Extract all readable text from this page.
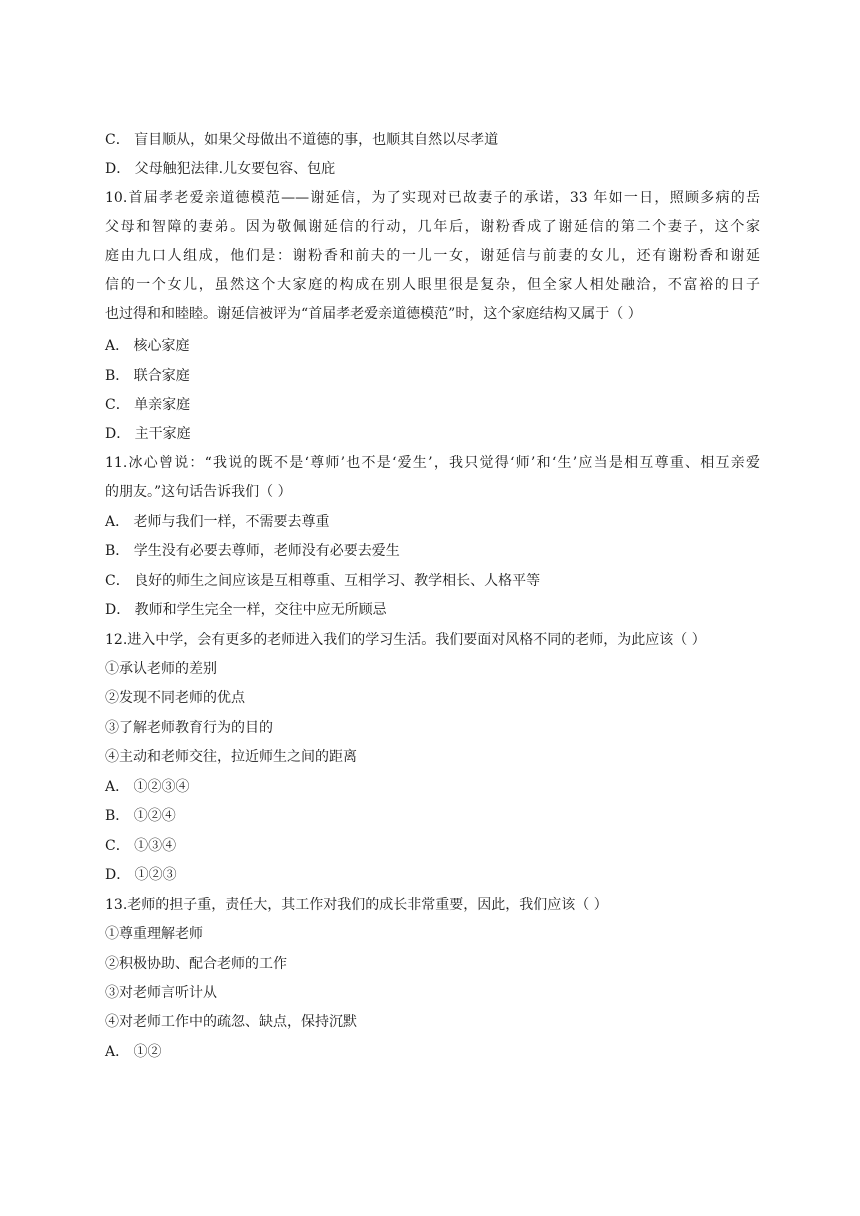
C． 盲目顺从，如果父母做出不道德的事，也顺其自然以尽孝道
D． 父母触犯法律.儿女要包容、包庇
10.首届孝老爱亲道德模范——谢延信，为了实现对已故妻子的承诺，33 年如一日，照顾多病的岳
父母和智障的妻弟。因为敬佩谢延信的行动，几年后，谢粉香成了谢延信的第二个妻子，这个家
庭由九口人组成，他们是：谢粉香和前夫的一儿一女，谢延信与前妻的女儿，还有谢粉香和谢延
信的一个女儿，虽然这个大家庭的构成在别人眼里很是复杂，但全家人相处融洽，不富裕的日子
也过得和和睦睦。谢延信被评为“首届孝老爱亲道德模范”时，这个家庭结构又属于（ ）
A． 核心家庭
B． 联合家庭
C． 单亲家庭
D． 主干家庭
11.冰心曾说：“我说的既不是‘尊师’也不是‘爱生’，我只觉得‘师’和‘生’应当是相互尊重、相互亲爱
的朋友。”这句话告诉我们（ ）
A． 老师与我们一样，不需要去尊重
B． 学生没有必要去尊师，老师没有必要去爱生
C． 良好的师生之间应该是互相尊重、互相学习、教学相长、人格平等
D． 教师和学生完全一样，交往中应无所顾忌
12.进入中学，会有更多的老师进入我们的学习生活。我们要面对风格不同的老师，为此应该（ ）
①承认老师的差别
②发现不同老师的优点
③了解老师教育行为的目的
④主动和老师交往，拉近师生之间的距离
A． ①②③④
B． ①②④
C． ①③④
D． ①②③
13.老师的担子重，责任大，其工作对我们的成长非常重要，因此，我们应该（ ）
①尊重理解老师
②积极协助、配合老师的工作
③对老师言听计从
④对老师工作中的疏忽、缺点，保持沉默
A． ①②
